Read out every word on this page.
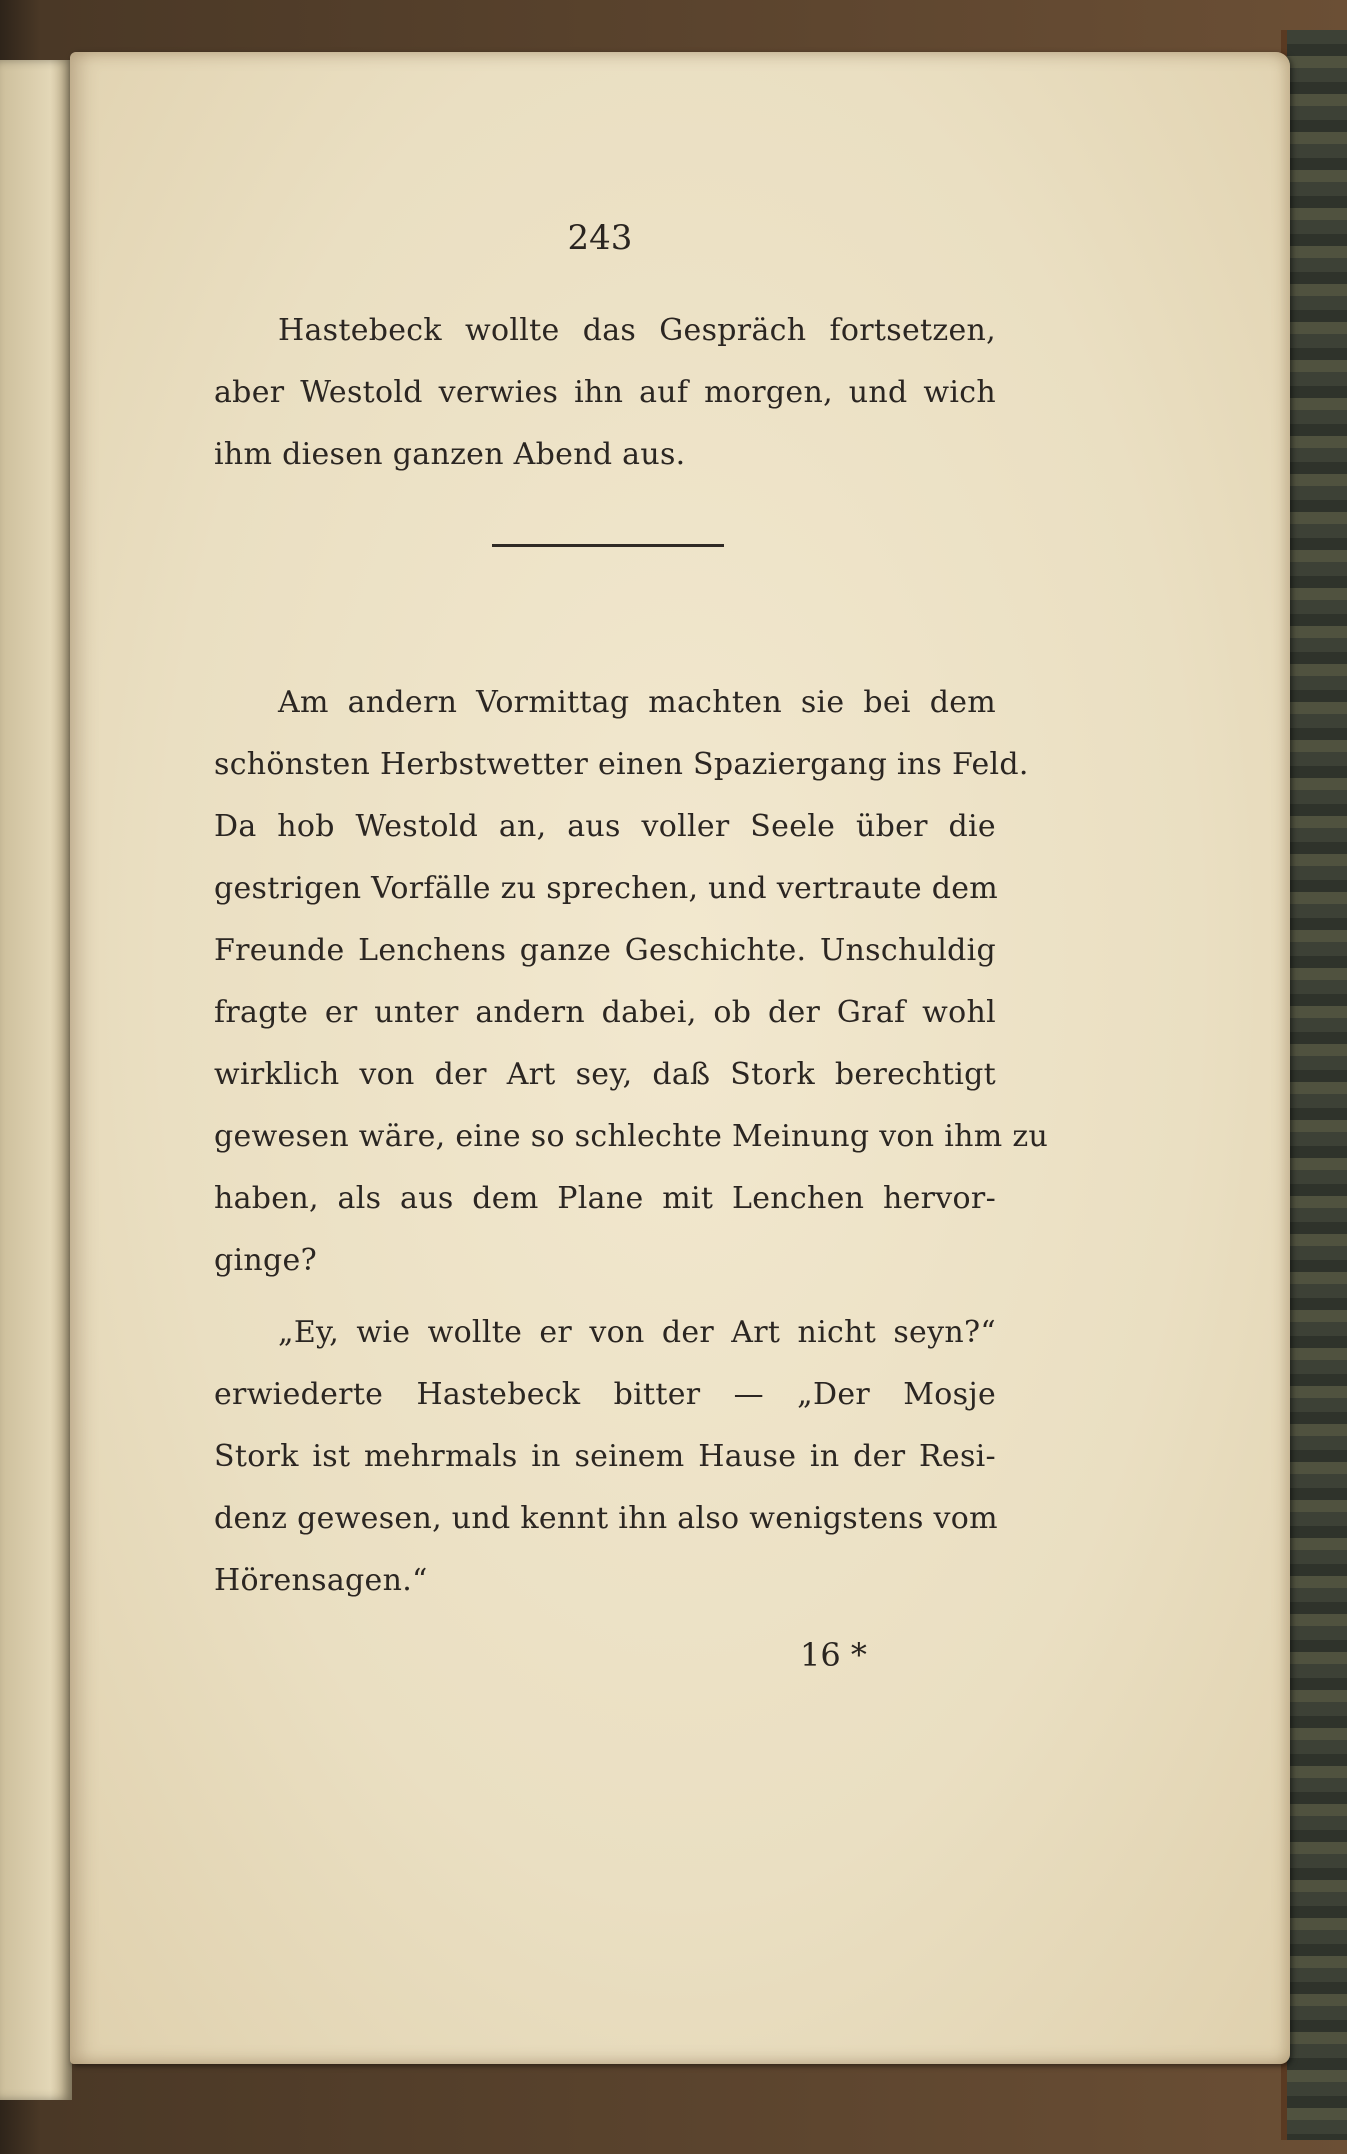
243
Hastebeck wollte das Gespräch fortsetzen,
aber Westold verwies ihn auf morgen, und wich
ihm diesen ganzen Abend aus.
Am andern Vormittag machten sie bei dem
schönsten Herbstwetter einen Spaziergang ins Feld.
Da hob Westold an, aus voller Seele über die
gestrigen Vorfälle zu sprechen, und vertraute dem
Freunde Lenchens ganze Geschichte. Unschuldig
fragte er unter andern dabei, ob der Graf wohl
wirklich von der Art sey, daß Stork berechtigt
gewesen wäre, eine so schlechte Meinung von ihm zu
haben, als aus dem Plane mit Lenchen hervor-
ginge?
„Ey, wie wollte er von der Art nicht seyn?“
erwiederte Hastebeck bitter — „Der Mosje
Stork ist mehrmals in seinem Hause in der Resi-
denz gewesen, und kennt ihn also wenigstens vom
Hörensagen.“
16 *
